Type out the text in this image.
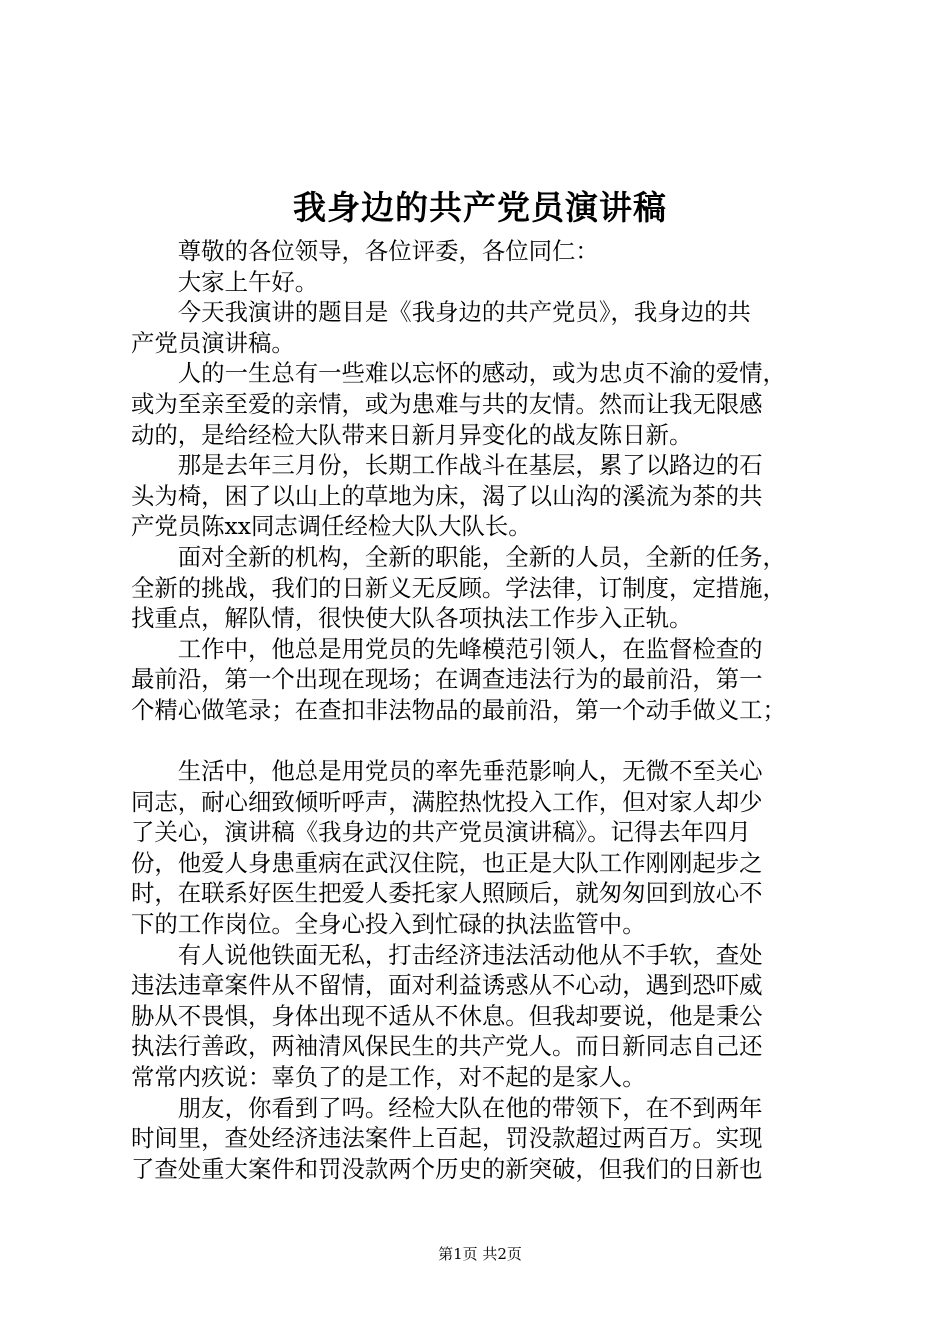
我身边的共产党员演讲稿

尊敬的各位领导，各位评委，各位同仁：

大家上午好。

今天我演讲的题目是《我身边的共产党员》，我身边的共
产党员演讲稿。

人的一生总有一些难以忘怀的感动，或为忠贞不渝的爱情，
或为至亲至爱的亲情，或为患难与共的友情。然而让我无限感
动的，是给经检大队带来日新月异变化的战友陈日新。

那是去年三月份，长期工作战斗在基层，累了以路边的石
头为椅，困了以山上的草地为床，渴了以山沟的溪流为茶的共
产党员陈xx同志调任经检大队大队长。

面对全新的机构，全新的职能，全新的人员，全新的任务，
全新的挑战，我们的日新义无反顾。学法律，订制度，定措施，
找重点，解队情，很快使大队各项执法工作步入正轨。

工作中，他总是用党员的先峰模范引领人，在监督检查的
最前沿，第一个出现在现场；在调查违法行为的最前沿，第一
个精心做笔录；在查扣非法物品的最前沿，第一个动手做义工；

生活中，他总是用党员的率先垂范影响人，无微不至关心
同志，耐心细致倾听呼声，满腔热忱投入工作，但对家人却少
了关心，演讲稿《我身边的共产党员演讲稿》。记得去年四月
份，他爱人身患重病在武汉住院，也正是大队工作刚刚起步之
时，在联系好医生把爱人委托家人照顾后，就匆匆回到放心不
下的工作岗位。全身心投入到忙碌的执法监管中。

有人说他铁面无私，打击经济违法活动他从不手软，查处
违法违章案件从不留情，面对利益诱惑从不心动，遇到恐吓威
胁从不畏惧，身体出现不适从不休息。但我却要说，他是秉公
执法行善政，两袖清风保民生的共产党人。而日新同志自己还
常常内疚说：辜负了的是工作，对不起的是家人。

朋友，你看到了吗。经检大队在他的带领下，在不到两年
时间里，查处经济违法案件上百起，罚没款超过两百万。实现
了查处重大案件和罚没款两个历史的新突破，但我们的日新也

第1页 共2页
